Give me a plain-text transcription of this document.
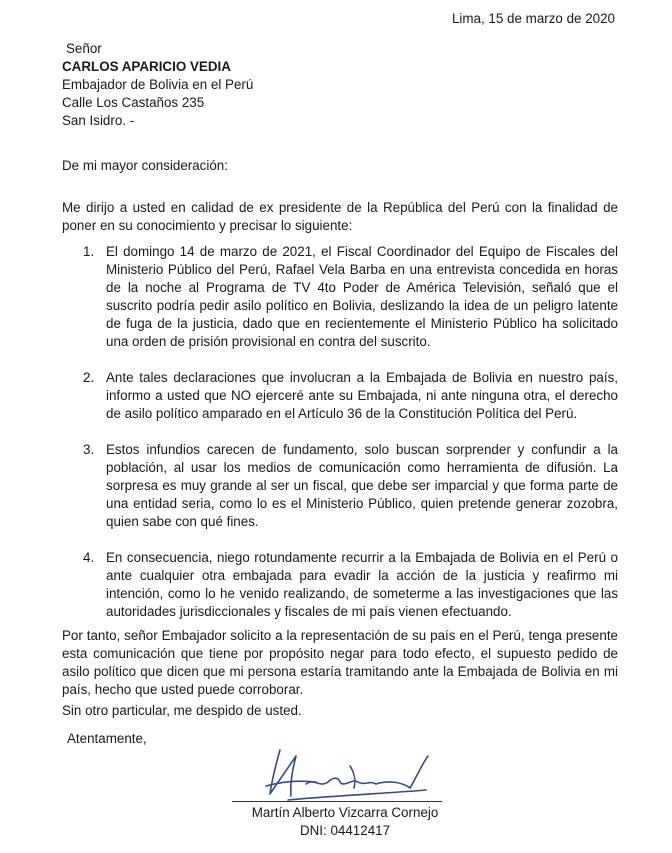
Lima, 15 de marzo de 2020
Señor
CARLOS APARICIO VEDIA
Embajador de Bolivia en el Perú
Calle Los Castaños 235
San Isidro. -
De mi mayor consideración:
Me dirijo a usted en calidad de ex presidente de la República del Perú con la finalidad de poner en su conocimiento y precisar lo siguiente:
1. El domingo 14 de marzo de 2021, el Fiscal Coordinador del Equipo de Fiscales del Ministerio Público del Perú, Rafael Vela Barba en una entrevista concedida en horas de la noche al Programa de TV 4to Poder de América Televisión, señaló que el suscrito podría pedir asilo político en Bolivia, deslizando la idea de un peligro latente de fuga de la justicia, dado que en recientemente el Ministerio Público ha solicitado una orden de prisión provisional en contra del suscrito.
2. Ante tales declaraciones que involucran a la Embajada de Bolivia en nuestro país, informo a usted que NO ejerceré ante su Embajada, ni ante ninguna otra, el derecho de asilo político amparado en el Artículo 36 de la Constitución Política del Perú.
3. Estos infundios carecen de fundamento, solo buscan sorprender y confundir a la población, al usar los medios de comunicación como herramienta de difusión. La sorpresa es muy grande al ser un fiscal, que debe ser imparcial y que forma parte de una entidad seria, como lo es el Ministerio Público, quien pretende generar zozobra, quien sabe con qué fines.
4. En consecuencia, niego rotundamente recurrir a la Embajada de Bolivia en el Perú o ante cualquier otra embajada para evadir la acción de la justicia y reafirmo mi intención, como lo he venido realizando, de someterme a las investigaciones que las autoridades jurisdiccionales y fiscales de mi país vienen efectuando.
Por tanto, señor Embajador solicito a la representación de su país en el Perú, tenga presente esta comunicación que tiene por propósito negar para todo efecto, el supuesto pedido de asilo político que dicen que mi persona estaría tramitando ante la Embajada de Bolivia en mi país, hecho que usted puede corroborar.
Sin otro particular, me despido de usted.
Atentamente,
Martín Alberto Vizcarra Cornejo
DNI: 04412417
